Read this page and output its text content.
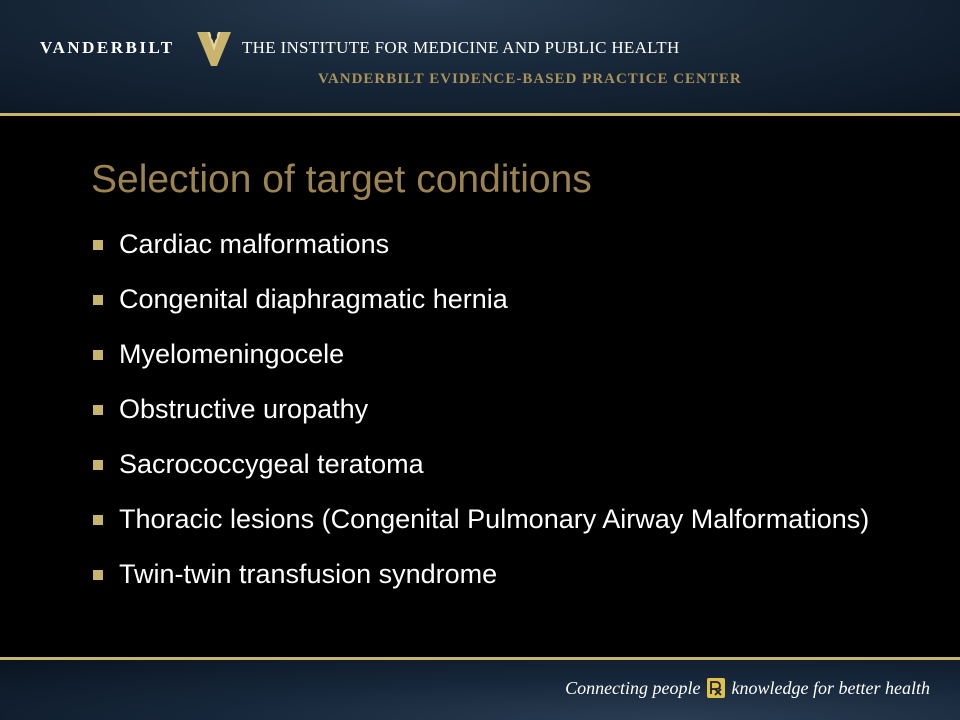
VANDERBILT	THE INSTITUTE FOR MEDICINE AND PUBLIC HEALTH
VANDERBILT EVIDENCE-BASED PRACTICE CENTER
Selection of target conditions
Cardiac malformations
Congenital diaphragmatic hernia
Myelomeningocele
Obstructive uropathy
Sacrococcygeal teratoma
Thoracic lesions (Congenital Pulmonary Airway Malformations)
Twin-twin transfusion syndrome
Connecting people knowledge for better health
